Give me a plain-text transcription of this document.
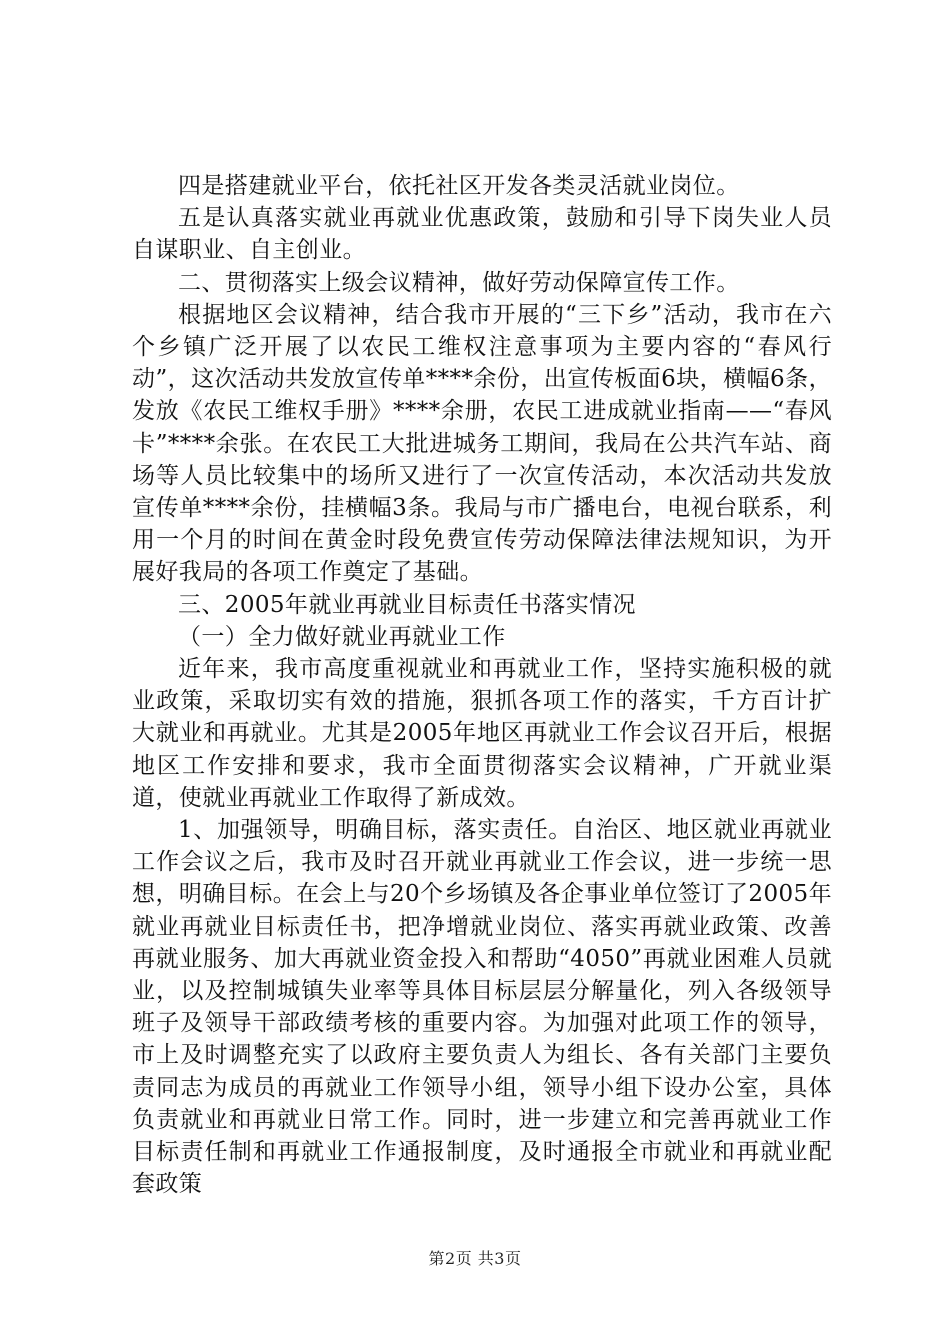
四是搭建就业平台，依托社区开发各类灵活就业岗位。

五是认真落实就业再就业优惠政策，鼓励和引导下岗失业人员自谋职业、自主创业。

二、贯彻落实上级会议精神，做好劳动保障宣传工作。

根据地区会议精神，结合我市开展的“三下乡”活动，我市在六个乡镇广泛开展了以农民工维权注意事项为主要内容的“春风行动”，这次活动共发放宣传单****余份，出宣传板面6块，横幅6条，发放《农民工维权手册》****余册，农民工进成就业指南——“春风卡”****余张。在农民工大批进城务工期间，我局在公共汽车站、商场等人员比较集中的场所又进行了一次宣传活动，本次活动共发放宣传单****余份，挂横幅3条。我局与市广播电台，电视台联系，利用一个月的时间在黄金时段免费宣传劳动保障法律法规知识，为开展好我局的各项工作奠定了基础。

三、2005年就业再就业目标责任书落实情况

（一）全力做好就业再就业工作

近年来，我市高度重视就业和再就业工作，坚持实施积极的就业政策，采取切实有效的措施，狠抓各项工作的落实，千方百计扩大就业和再就业。尤其是2005年地区再就业工作会议召开后，根据地区工作安排和要求，我市全面贯彻落实会议精神，广开就业渠道，使就业再就业工作取得了新成效。

1、加强领导，明确目标，落实责任。自治区、地区就业再就业工作会议之后，我市及时召开就业再就业工作会议，进一步统一思想，明确目标。在会上与20个乡场镇及各企事业单位签订了2005年就业再就业目标责任书，把净增就业岗位、落实再就业政策、改善再就业服务、加大再就业资金投入和帮助“4050”再就业困难人员就业，以及控制城镇失业率等具体目标层层分解量化，列入各级领导班子及领导干部政绩考核的重要内容。为加强对此项工作的领导，市上及时调整充实了以政府主要负责人为组长、各有关部门主要负责同志为成员的再就业工作领导小组，领导小组下设办公室，具体负责就业和再就业日常工作。同时，进一步建立和完善再就业工作目标责任制和再就业工作通报制度，及时通报全市就业和再就业配套政策

第2页 共3页
